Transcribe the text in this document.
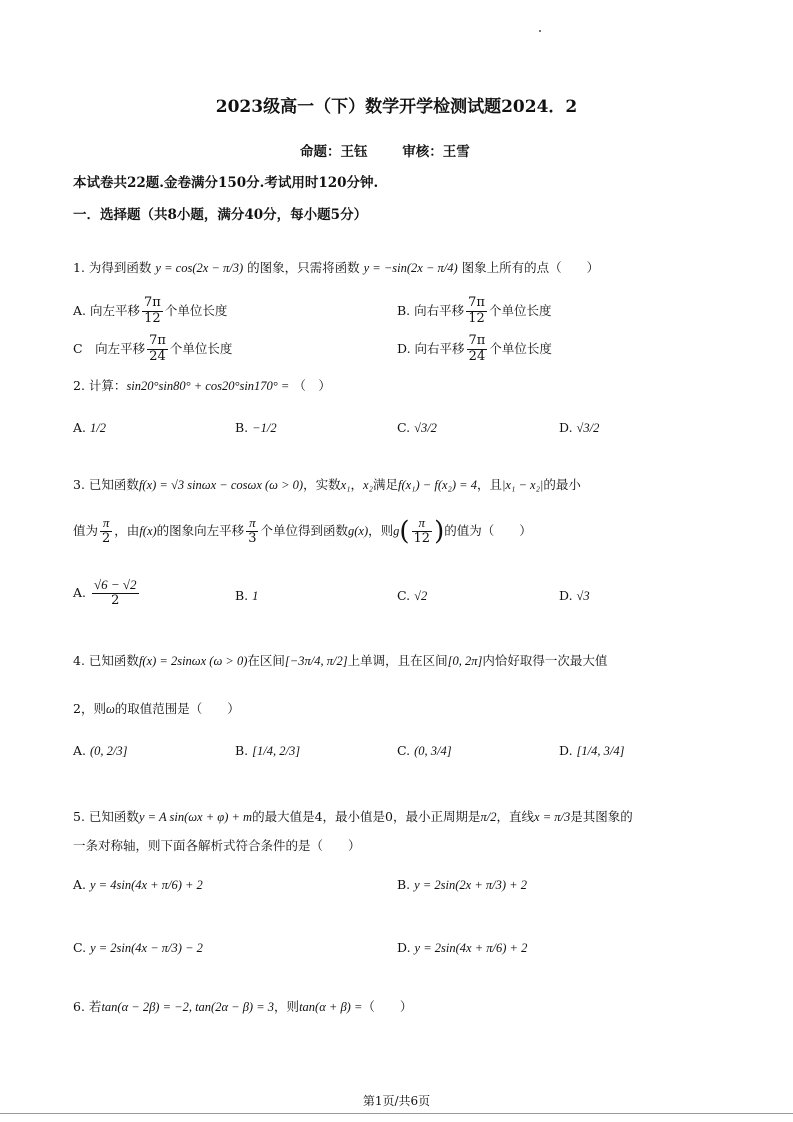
2023级高一（下）数学开学检测试题2024．2
命题：王钰	审核：王雪
本试卷共22题.金卷满分150分.考试用时120分钟.
一．选择题（共8小题，满分40分，每小题5分）
1. 为得到函数 y = cos(2x − π/3) 的图象，只需将函数 y = −sin(2x − π/4) 图象上所有的点（　　）
A. 向左平移 $\frac{7\pi}{12}$ 个单位长度	B. 向右平移 $\frac{7\pi}{12}$ 个单位长度
C　向左平移 $\frac{7\pi}{24}$ 个单位长度	D. 向右平移 $\frac{7\pi}{24}$ 个单位长度
2. 计算：sin20°sin80° + cos20°sin170° = （　）
A. 1/2	B. −1/2	C. √3/2	D. √3/2
3. 已知函数f(x) = √3 sinωx − cosωx (ω > 0)，实数x₁，x₂满足f(x₁) − f(x₂) = 4，且|x₁ − x₂|的最小
值为 $\frac{\pi}{2}$ ，由f(x)的图象向左平移 $\frac{\pi}{3}$ 个单位得到函数g(x)，则$g( \frac{\pi}{12}$ )的值为（　　）
A. $\frac{√6 - √2}{2}$	B. 1	C. √2	D. √3
4. 已知函数f(x) = 2sinωx (ω > 0)在区间[−3π/4, π/2]上单调，且在区间[0, 2π]内恰好取得一次最大值
2，则ω的取值范围是（　　）
A. (0, 2/3]	B. [1/4, 2/3]	C. (0, 3/4]	D. [1/4, 3/4]
5. 已知函数y = A sin(ωx + φ) + m的最大值是4，最小值是0，最小正周期是π/2，直线x = π/3是其图象的
一条对称轴，则下面各解析式符合条件的是（　　）
A. y = 4sin(4x + π/6) + 2	B. y = 2sin(2x + π/3) + 2
C. y = 2sin(4x − π/3) − 2	D. y = 2sin(4x + π/6) + 2
6. 若tan(α − 2β) = −2, tan(2α − β) = 3，则tan(α + β) =（　　）
第1页/共6页
